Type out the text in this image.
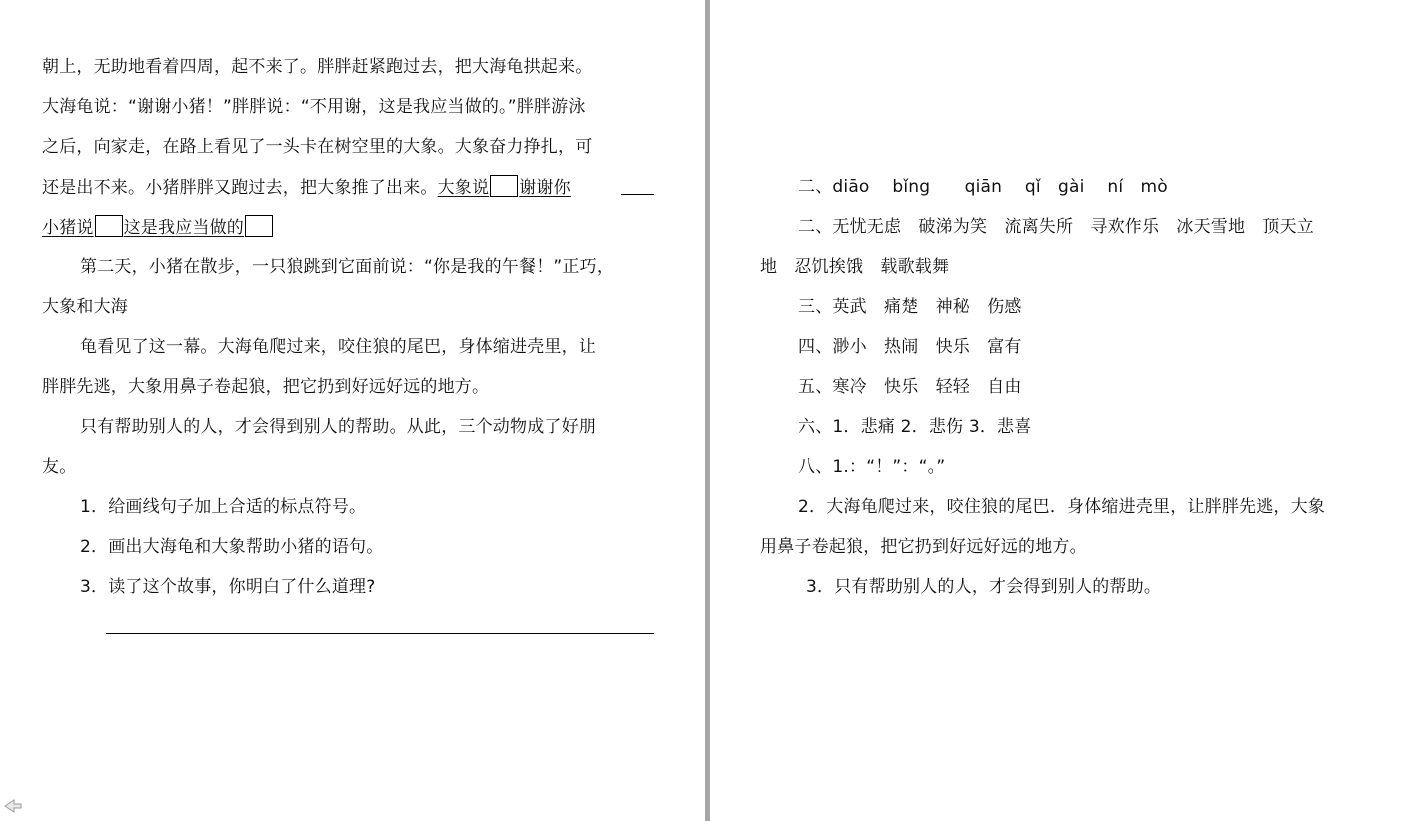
朝上，无助地看着四周，起不来了。胖胖赶紧跑过去，把大海龟拱起来。
大海龟说：“谢谢小猪！”胖胖说：“不用谢，这是我应当做的。”胖胖游泳
之后，向家走，在路上看见了一头卡在树空里的大象。大象奋力挣扎，可
还是出不来。小猪胖胖又跑过去，把大象推了出来。大象说 谢谢你
小猪说 这是我应当做的
第二天，小猪在散步，一只狼跳到它面前说：“你是我的午餐！”正巧，
大象和大海
龟看见了这一幕。大海龟爬过来，咬住狼的尾巴，身体缩进壳里，让
胖胖先逃，大象用鼻子卷起狼，把它扔到好远好远的地方。
只有帮助别人的人，才会得到别人的帮助。从此，三个动物成了好朋
友。
1．给画线句子加上合适的标点符号。
2．画出大海龟和大象帮助小猪的语句。
3．读了这个故事，你明白了什么道理?
二、diāo　 bǐng　　qiān　 qǐ　gài　 ní　mò
二、无忧无虑　破涕为笑　流离失所　寻欢作乐　冰天雪地　顶天立
地　忍饥挨饿　载歌载舞
三、英武　痛楚　神秘　伤感
四、渺小　热闹　快乐　富有
五、寒冷　快乐　轻轻　自由
六、1．悲痛 2．悲伤 3．悲喜
八、1.：“！”：“。”
2．大海龟爬过来，咬住狼的尾巴．身体缩进壳里，让胖胖先逃，大象
用鼻子卷起狼，把它扔到好远好远的地方。
3．只有帮助别人的人，才会得到别人的帮助。
